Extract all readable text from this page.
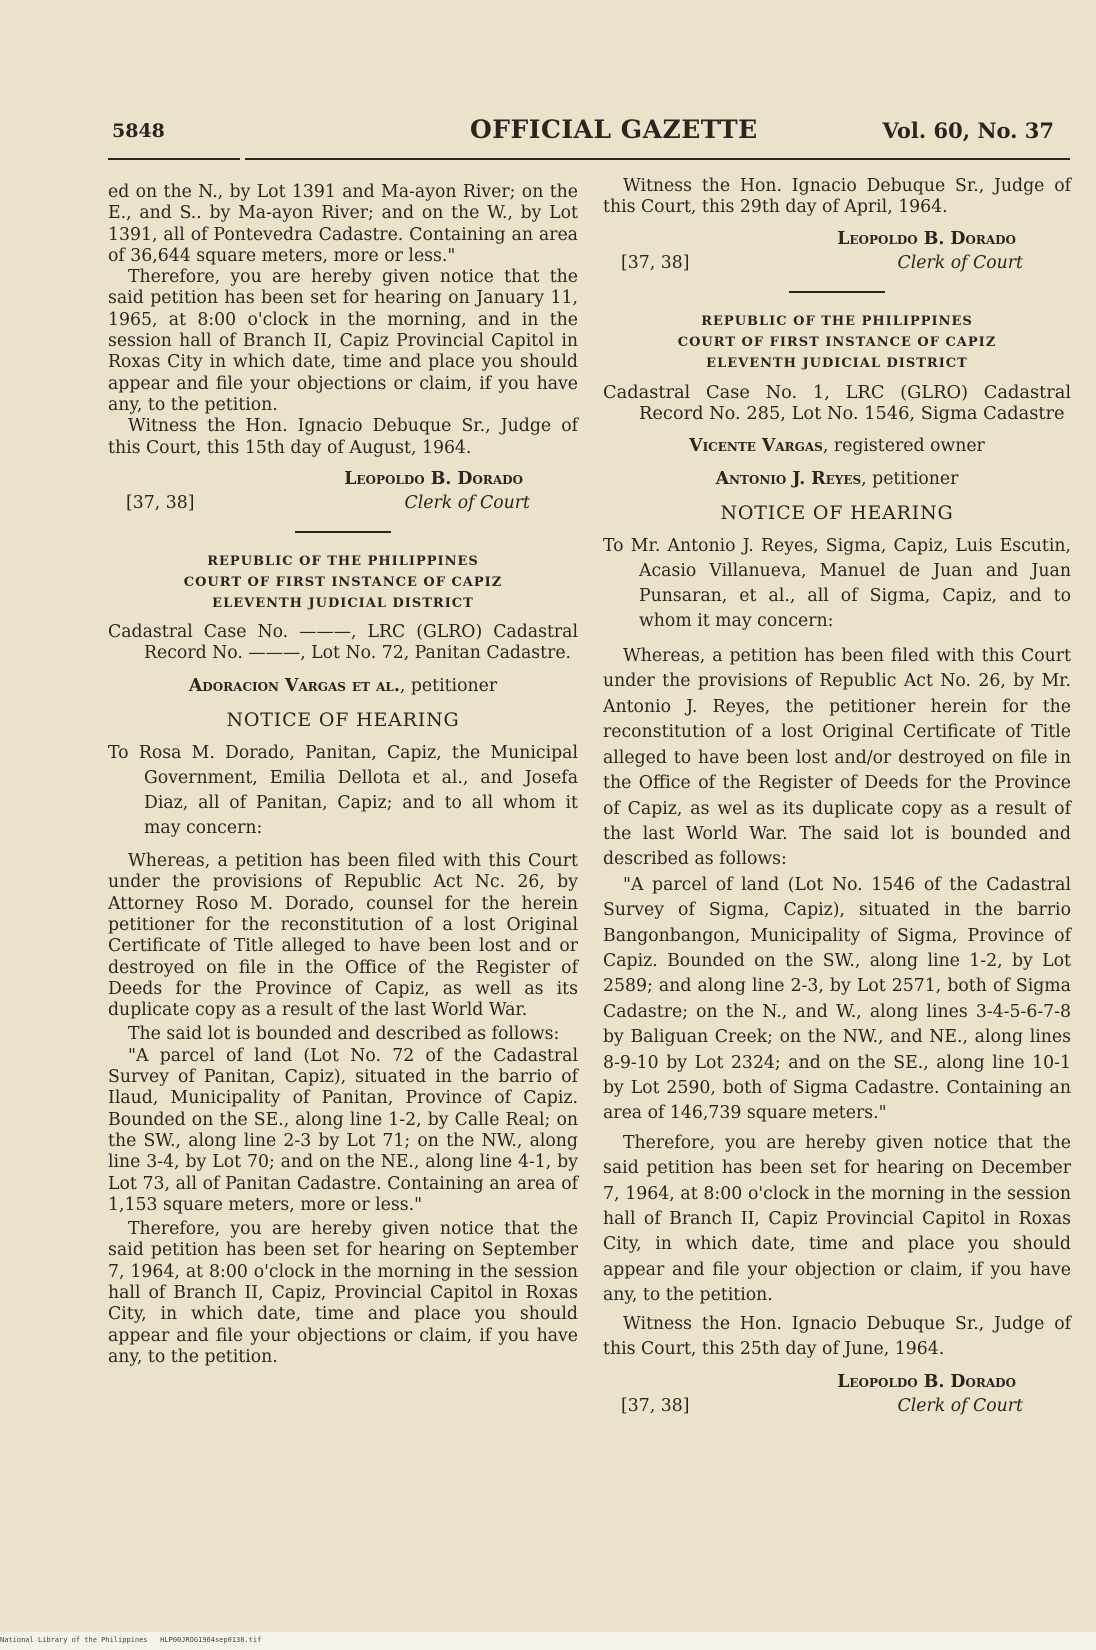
5848	OFFICIAL GAZETTE	Vol. 60, No. 37

ed on the N., by Lot 1391 and Ma-ayon River; on the E., and S.. by Ma-ayon River; and on the W., by Lot 1391, all of Pontevedra Cadastre. Containing an area of 36,644 square meters, more or less."

Therefore, you are hereby given notice that the said petition has been set for hearing on January 11, 1965, at 8:00 o'clock in the morning, and in the session hall of Branch II, Capiz Provincial Capitol in Roxas City in which date, time and place you should appear and file your objections or claim, if you have any, to the petition.

Witness the Hon. Ignacio Debuque Sr., Judge of this Court, this 15th day of August, 1964.

Leopoldo B. Dorado
[37, 38]	Clerk of Court
REPUBLIC OF THE PHILIPPINES
COURT OF FIRST INSTANCE OF CAPIZ
ELEVENTH JUDICIAL DISTRICT

Cadastral Case No. ———, LRC (GLRO) Cadastral Record No. ———, Lot No. 72, Panitan Cadastre.

Adoracion Vargas et al., petitioner

NOTICE OF HEARING

To Rosa M. Dorado, Panitan, Capiz, the Municipal Government, Emilia Dellota et al., and Josefa Diaz, all of Panitan, Capiz; and to all whom it may concern:

Whereas, a petition has been filed with this Court under the provisions of Republic Act Nc. 26, by Attorney Roso M. Dorado, counsel for the herein petitioner for the reconstitution of a lost Original Certificate of Title alleged to have been lost and or destroyed on file in the Office of the Register of Deeds for the Province of Capiz, as well as its duplicate copy as a result of the last World War.

The said lot is bounded and described as follows:

"A parcel of land (Lot No. 72 of the Cadastral Survey of Panitan, Capiz), situated in the barrio of Ilaud, Municipality of Panitan, Province of Capiz. Bounded on the SE., along line 1-2, by Calle Real; on the SW., along line 2-3 by Lot 71; on the NW., along line 3-4, by Lot 70; and on the NE., along line 4-1, by Lot 73, all of Panitan Cadastre. Containing an area of 1,153 square meters, more or less."

Therefore, you are hereby given notice that the said petition has been set for hearing on September 7, 1964, at 8:00 o'clock in the morning in the session hall of Branch II, Capiz, Provincial Capitol in Roxas City, in which date, time and place you should appear and file your objections or claim, if you have any, to the petition.

Witness the Hon. Ignacio Debuque Sr., Judge of this Court, this 29th day of April, 1964.

Leopoldo B. Dorado
[37, 38]	Clerk of Court
REPUBLIC OF THE PHILIPPINES
COURT OF FIRST INSTANCE OF CAPIZ
ELEVENTH JUDICIAL DISTRICT

Cadastral Case No. 1, LRC (GLRO) Cadastral Record No. 285, Lot No. 1546, Sigma Cadastre

Vicente Vargas, registered owner

Antonio J. Reyes, petitioner

NOTICE OF HEARING

To Mr. Antonio J. Reyes, Sigma, Capiz, Luis Escutin, Acasio Villanueva, Manuel de Juan and Juan Punsaran, et al., all of Sigma, Capiz, and to whom it may concern:

Whereas, a petition has been filed with this Court under the provisions of Republic Act No. 26, by Mr. Antonio J. Reyes, the petitioner herein for the reconstitution of a lost Original Certificate of Title alleged to have been lost and/or destroyed on file in the Office of the Register of Deeds for the Province of Capiz, as wel as its duplicate copy as a result of the last World War. The said lot is bounded and described as follows:

"A parcel of land (Lot No. 1546 of the Cadastral Survey of Sigma, Capiz), situated in the barrio Bangonbangon, Municipality of Sigma, Province of Capiz. Bounded on the SW., along line 1-2, by Lot 2589; and along line 2-3, by Lot 2571, both of Sigma Cadastre; on the N., and W., along lines 3-4-5-6-7-8 by Baliguan Creek; on the NW., and NE., along lines 8-9-10 by Lot 2324; and on the SE., along line 10-1 by Lot 2590, both of Sigma Cadastre. Containing an area of 146,739 square meters."

Therefore, you are hereby given notice that the said petition has been set for hearing on December 7, 1964, at 8:00 o'clock in the morning in the session hall of Branch II, Capiz Provincial Capitol in Roxas City, in which date, time and place you should appear and file your objection or claim, if you have any, to the petition.

Witness the Hon. Ignacio Debuque Sr., Judge of this Court, this 25th day of June, 1964.

Leopoldo B. Dorado
[37, 38]	Clerk of Court
National Library of the Philippines HLP00JROG1964sep0138.tif
